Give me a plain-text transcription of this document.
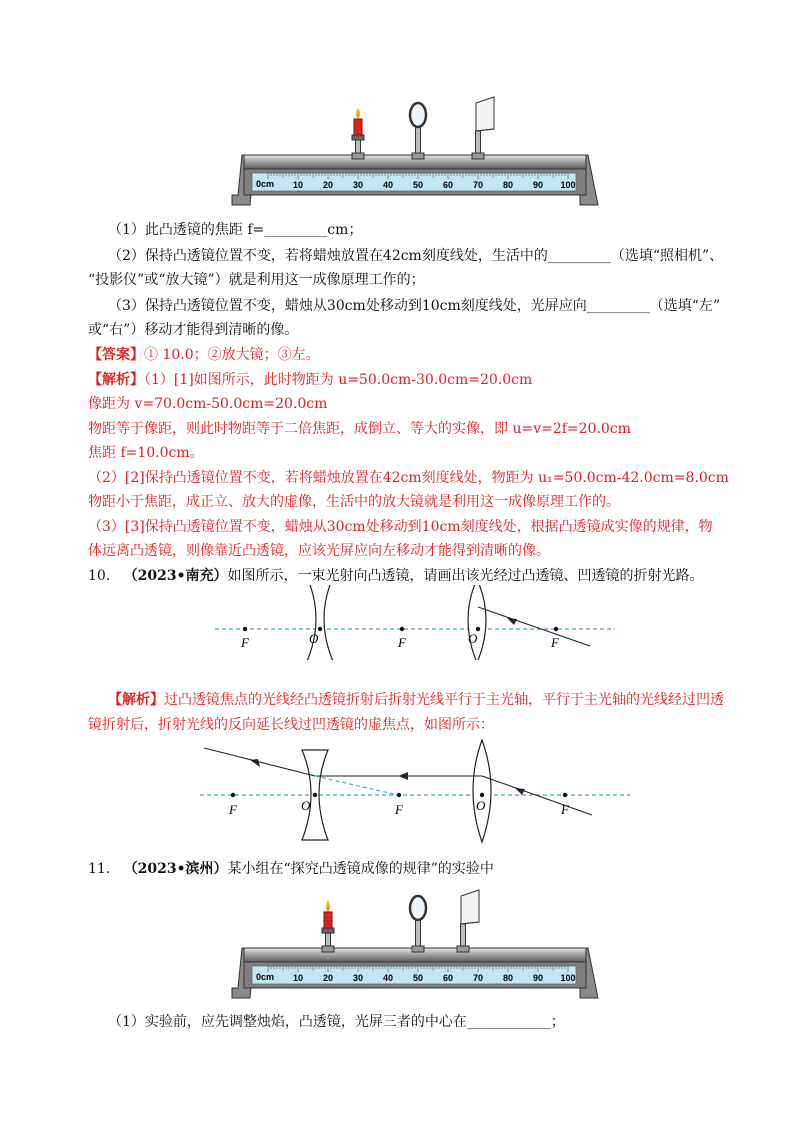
0cm 10 20 30 40 50 60 70 80 90 100
（1）此凸透镜的焦距 f=_________cm；
（2）保持凸透镜位置不变，若将蜡烛放置在42cm刻度线处，生活中的_________（选填“照相机”、
“投影仪”或“放大镜”）就是利用这一成像原理工作的；
（3）保持凸透镜位置不变，蜡烛从30cm处移动到10cm刻度线处，光屏应向_________（选填“左”
或“右”）移动才能得到清晰的像。
【答案】① 10.0；②放大镜；③左。
【解析】（1）[1]如图所示，此时物距为 u=50.0cm-30.0cm=20.0cm
像距为 v=70.0cm-50.0cm=20.0cm
物距等于像距，则此时物距等于二倍焦距，成倒立、等大的实像，即 u=v=2f=20.0cm
焦距 f=10.0cm。
（2）[2]保持凸透镜位置不变，若将蜡烛放置在42cm刻度线处，物距为 u₁=50.0cm-42.0cm=8.0cm
物距小于焦距，成正立、放大的虚像，生活中的放大镜就是利用这一成像原理工作的。
（3）[3]保持凸透镜位置不变，蜡烛从30cm处移动到10cm刻度线处，根据凸透镜成实像的规律，物
体远离凸透镜，则像靠近凸透镜，应该光屏应向左移动才能得到清晰的像。
10. （2023•南充）如图所示，一束光射向凸透镜，请画出该光经过凸透镜、凹透镜的折射光路。
F	O	F	O	F
【解析】过凸透镜焦点的光线经凸透镜折射后折射光线平行于主光轴，平行于主光轴的光线经过凹透
镜折射后，折射光线的反向延长线过凹透镜的虚焦点，如图所示：
F	O	F	O	F
11. （2023•滨州）某小组在“探究凸透镜成像的规律”的实验中
0cm 10 20 30 40 50 60 70 80 90 100
（1）实验前，应先调整烛焰，凸透镜，光屏三者的中心在____________；
